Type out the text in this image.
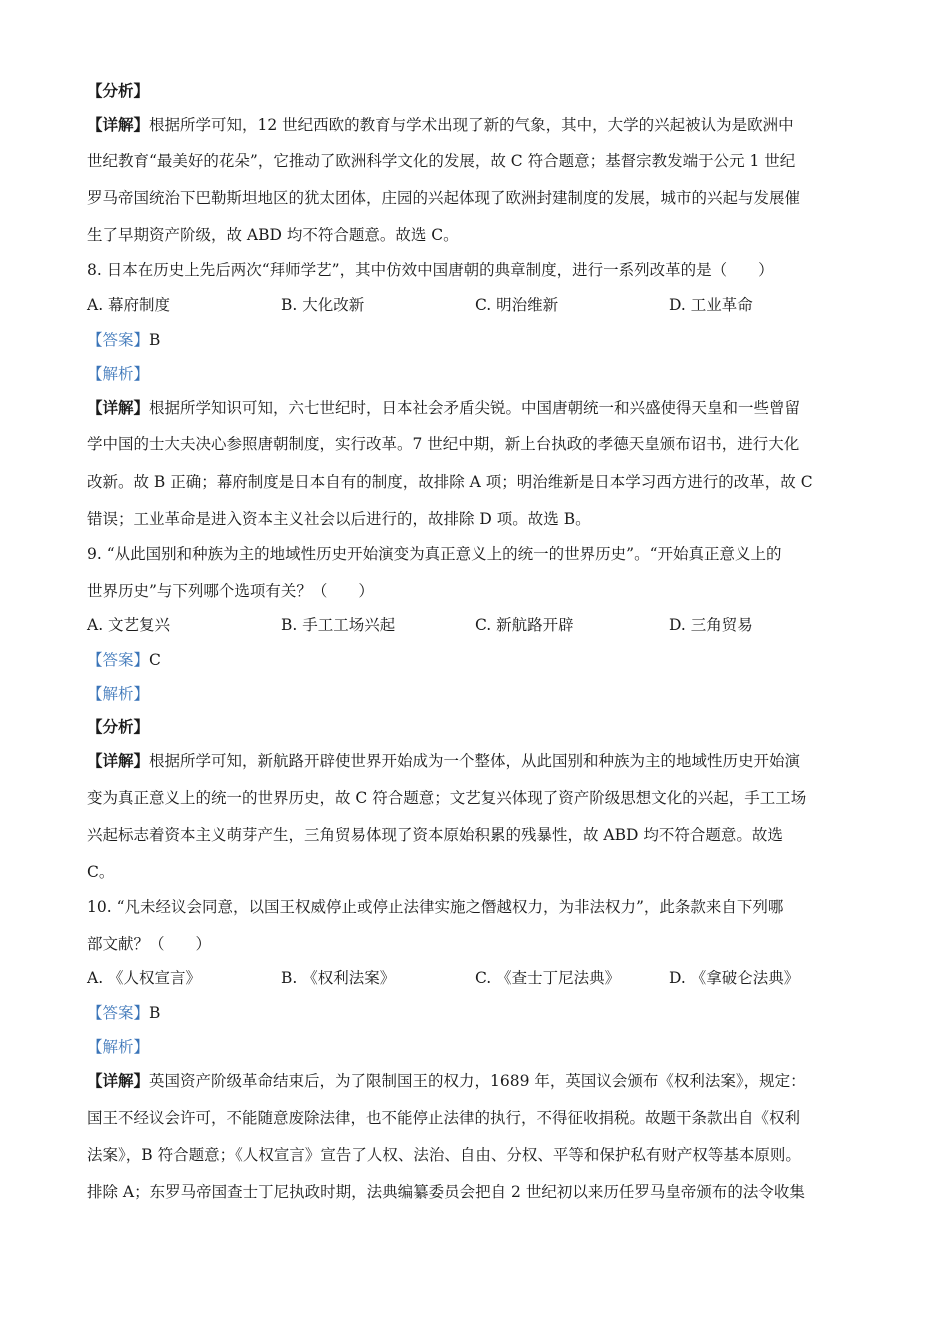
【分析】
【详解】根据所学可知，12 世纪西欧的教育与学术出现了新的气象，其中，大学的兴起被认为是欧洲中
世纪教育“最美好的花朵”，它推动了欧洲科学文化的发展，故 C 符合题意；基督宗教发端于公元 1 世纪
罗马帝国统治下巴勒斯坦地区的犹太团体，庄园的兴起体现了欧洲封建制度的发展，城市的兴起与发展催
生了早期资产阶级，故 ABD 均不符合题意。故选 C。
8. 日本在历史上先后两次“拜师学艺”，其中仿效中国唐朝的典章制度，进行一系列改革的是（　　）
A. 幕府制度	B. 大化改新	C. 明治维新	D. 工业革命
【答案】B
【解析】
【详解】根据所学知识可知，六七世纪时，日本社会矛盾尖锐。中国唐朝统一和兴盛使得天皇和一些曾留
学中国的士大夫决心参照唐朝制度，实行改革。7 世纪中期，新上台执政的孝德天皇颁布诏书，进行大化
改新。故 B 正确；幕府制度是日本自有的制度，故排除 A 项；明治维新是日本学习西方进行的改革，故 C
错误；工业革命是进入资本主义社会以后进行的，故排除 D 项。故选 B。
9. “从此国别和种族为主的地域性历史开始演变为真正意义上的统一的世界历史”。“开始真正意义上的
世界历史”与下列哪个选项有关？（　　）
A. 文艺复兴	B. 手工工场兴起	C. 新航路开辟	D. 三角贸易
【答案】C
【解析】
【分析】
【详解】根据所学可知，新航路开辟使世界开始成为一个整体，从此国别和种族为主的地域性历史开始演
变为真正意义上的统一的世界历史，故 C 符合题意；文艺复兴体现了资产阶级思想文化的兴起，手工工场
兴起标志着资本主义萌芽产生，三角贸易体现了资本原始积累的残暴性，故 ABD 均不符合题意。故选
C。
10. “凡未经议会同意，以国王权威停止或停止法律实施之僭越权力，为非法权力”，此条款来自下列哪
部文献？（　　）
A. 《人权宣言》	B. 《权利法案》	C. 《查士丁尼法典》	D. 《拿破仑法典》
【答案】B
【解析】
【详解】英国资产阶级革命结束后，为了限制国王的权力，1689 年，英国议会颁布《权利法案》，规定：
国王不经议会许可，不能随意废除法律，也不能停止法律的执行，不得征收捐税。故题干条款出自《权利
法案》，B 符合题意；《人权宣言》宣告了人权、法治、自由、分权、平等和保护私有财产权等基本原则。
排除 A；东罗马帝国查士丁尼执政时期，法典编纂委员会把自 2 世纪初以来历任罗马皇帝颁布的法令收集
